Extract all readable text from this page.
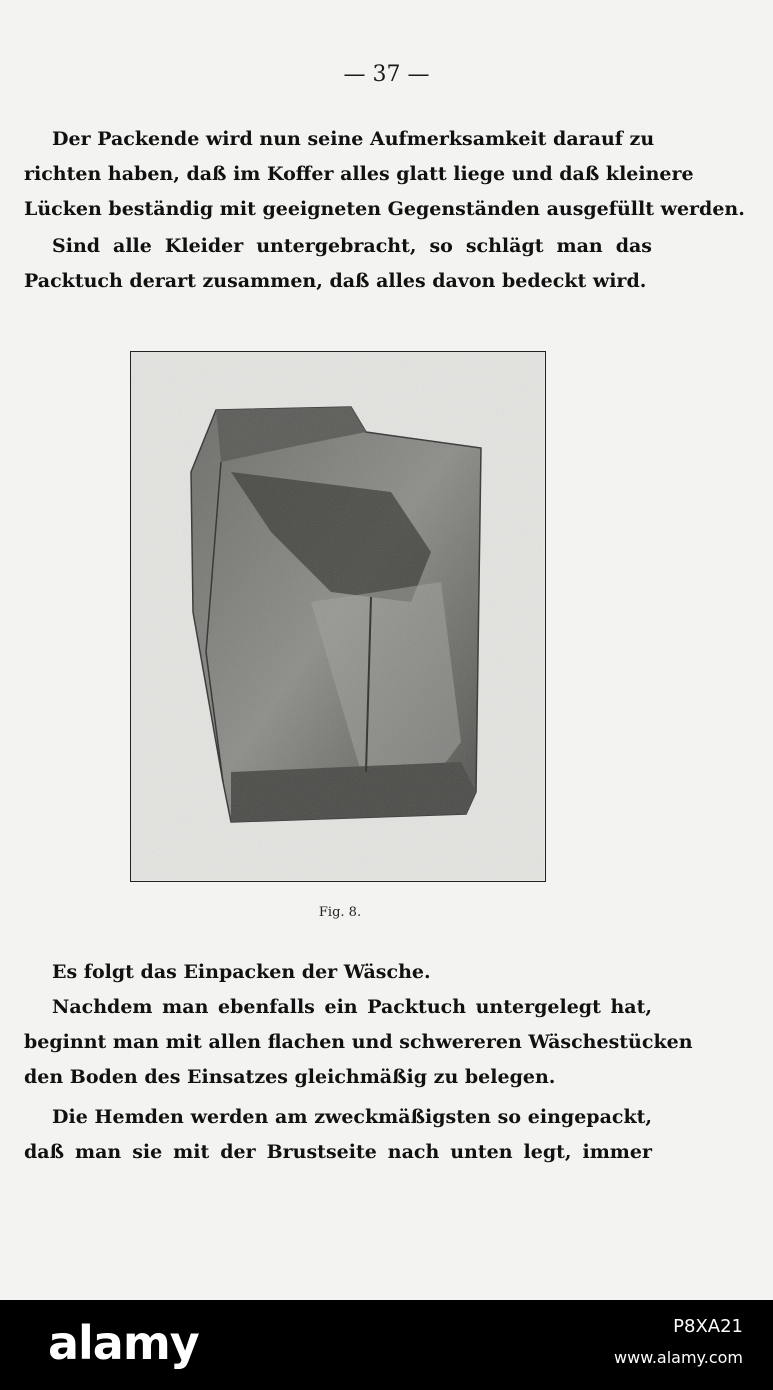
— 37 —
Der Packende wird nun seine Aufmerksamkeit darauf zu
richten haben, daß im Koffer alles glatt liege und daß kleinere
Lücken beständig mit geeigneten Gegenständen ausgefüllt werden.
Sind alle Kleider untergebracht, so schlägt man das
Packtuch derart zusammen, daß alles davon bedeckt wird.
Fig. 8.
Es folgt das Einpacken der Wäsche.
Nachdem man ebenfalls ein Packtuch untergelegt hat,
beginnt man mit allen flachen und schwereren Wäschestücken
den Boden des Einsatzes gleichmäßig zu belegen.
Die Hemden werden am zweckmäßigsten so eingepackt,
daß man sie mit der Brustseite nach unten legt, immer
alamy	P8XA21
www.alamy.com
